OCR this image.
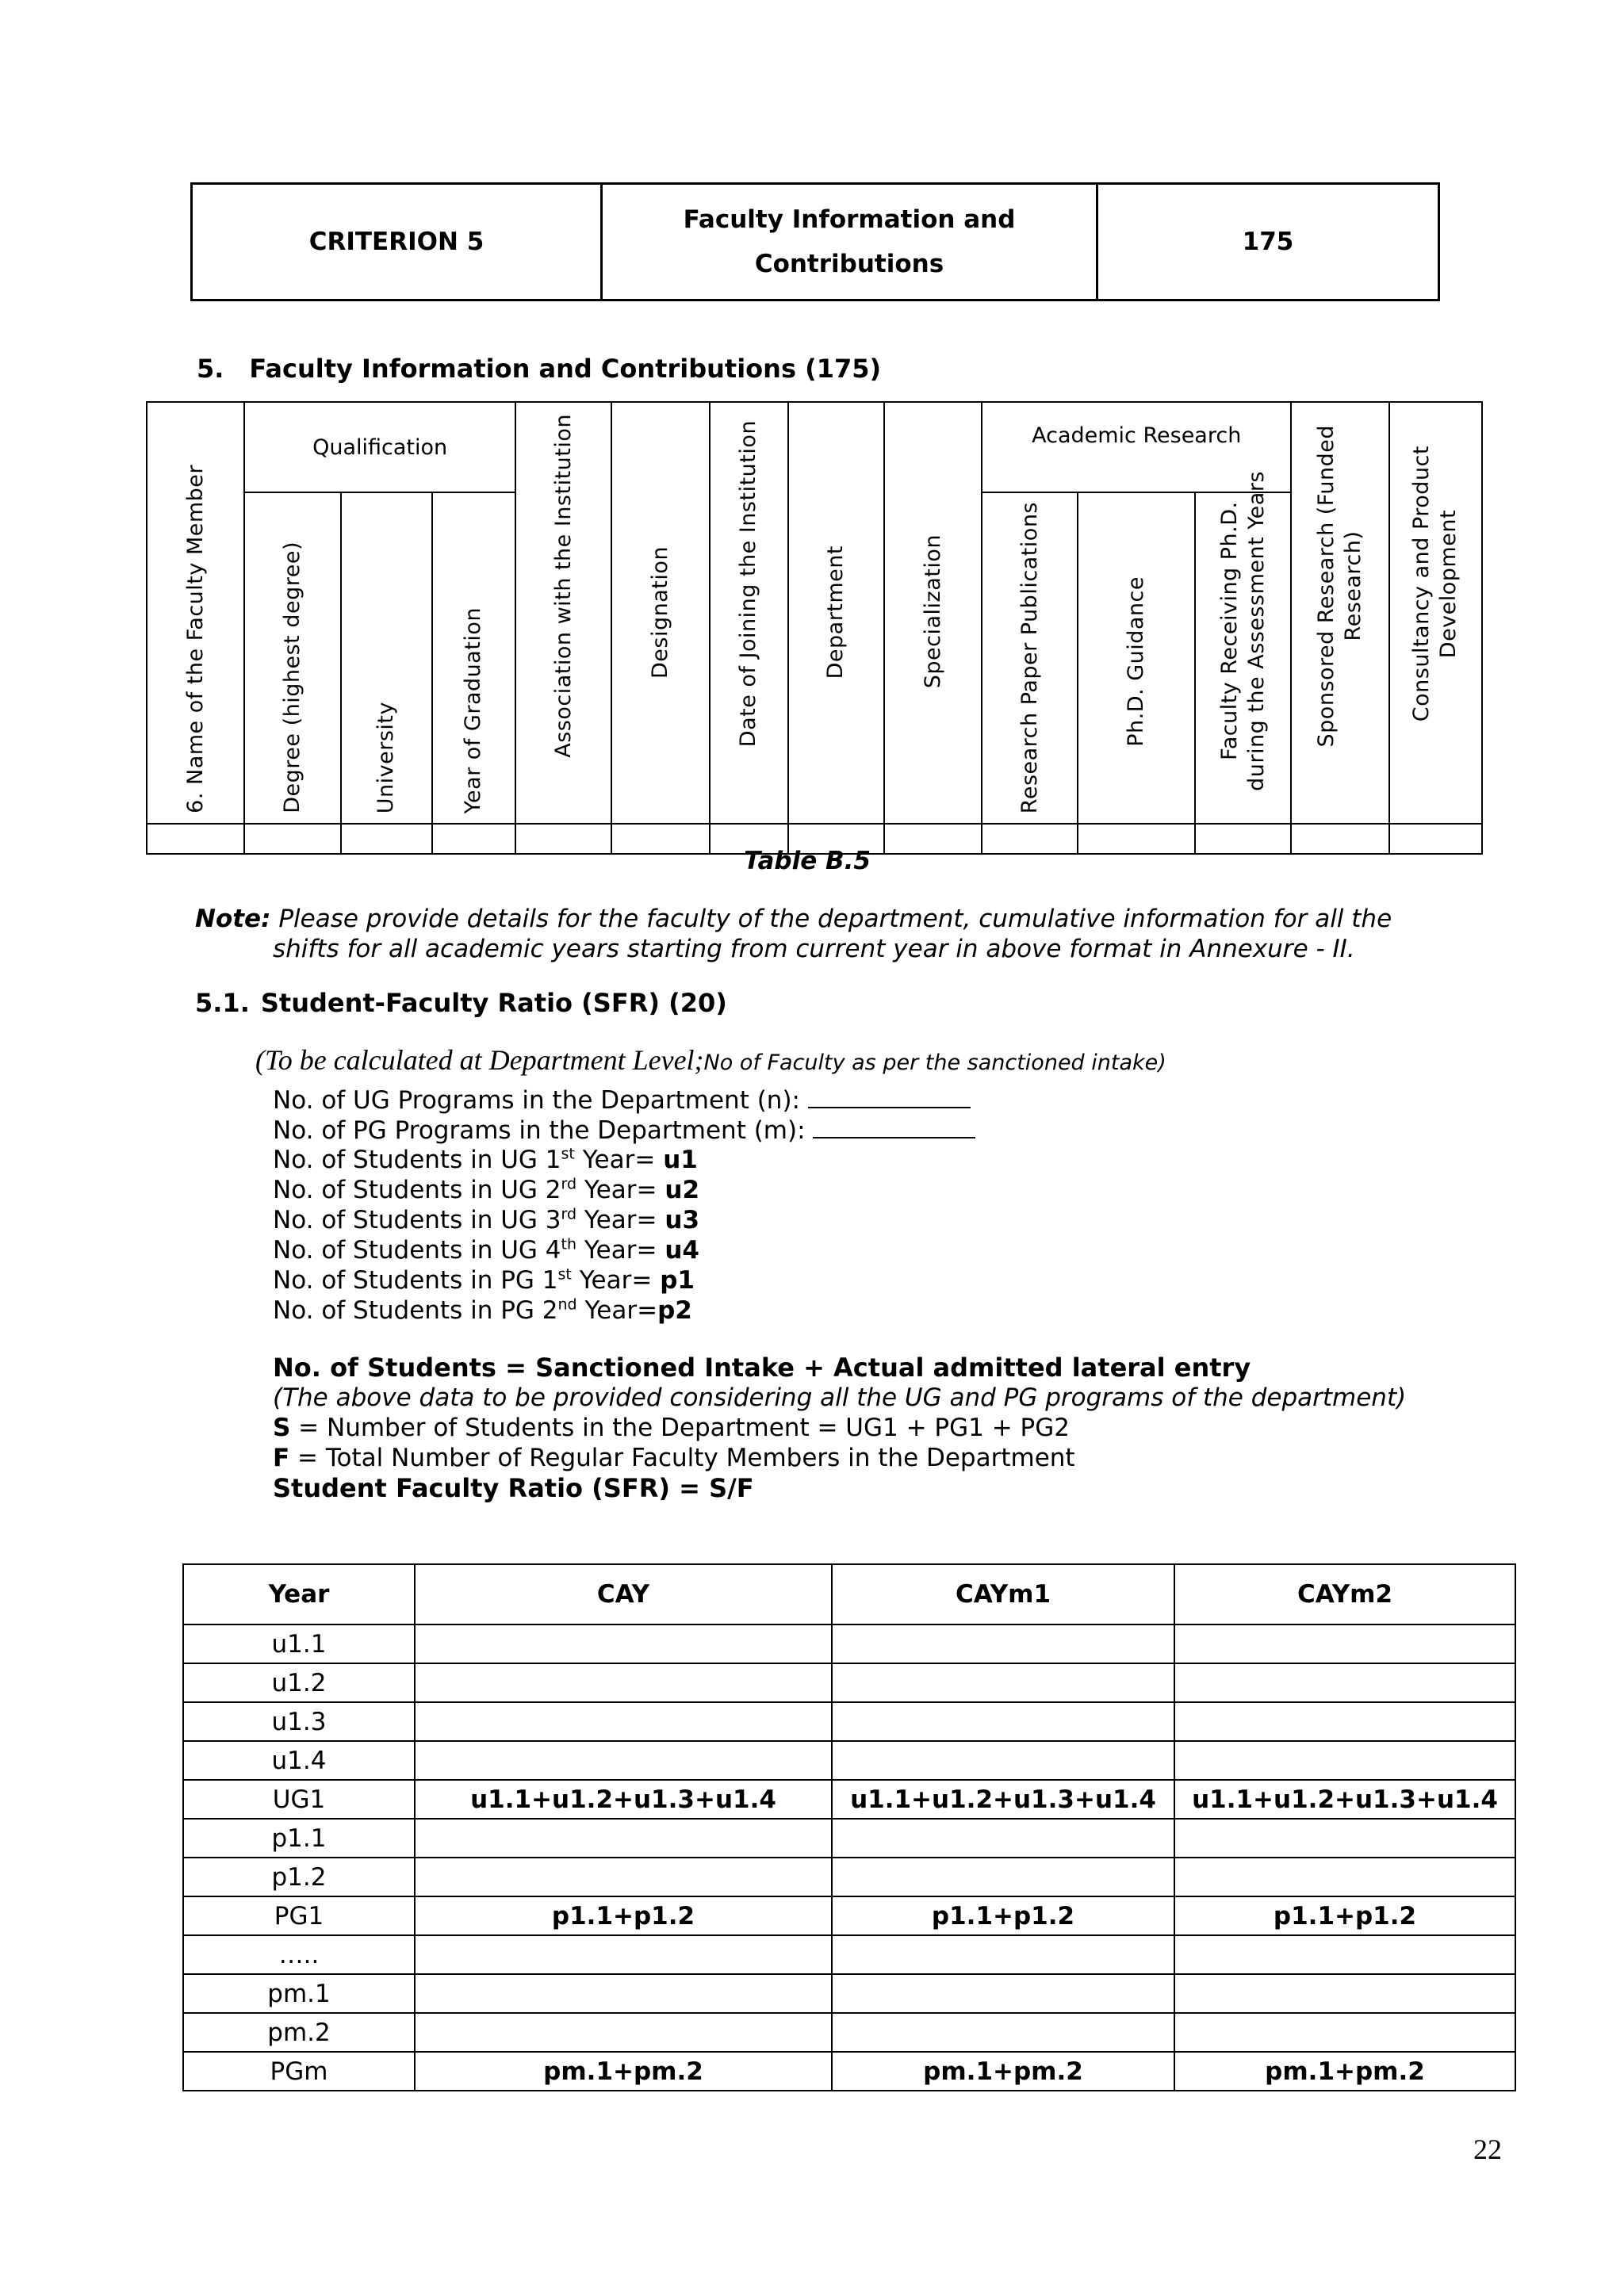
CRITERION 5	
Faculty Information and
Contributions
	175
5. Faculty Information and Contributions (175)
6. Name of the Faculty Member	Qualification			Association with the Institution	Designation	Date of Joining the Institution	Department	Specialization	Academic Research			Sponsored Research (Funded Research)	Consultancy and Product Development

	Degree (highest degree)	University	Year of Graduation						Research Paper Publications	Ph.D. Guidance	Faculty Receiving Ph.D. during the Assessment Years		

Table B.5
Note: Please provide details for the faculty of the department, cumulative information for all the
shifts for all academic years starting from current year in above format in Annexure - II.
5.1. Student-Faculty Ratio (SFR) (20)
(To be calculated at Department Level;No of Faculty as per the sanctioned intake)
No. of UG Programs in the Department (n):
No. of PG Programs in the Department (m):
No. of Students in UG 1st Year= u1
No. of Students in UG 2rd Year= u2
No. of Students in UG 3rd Year= u3
No. of Students in UG 4th Year= u4
No. of Students in PG 1st Year= p1
No. of Students in PG 2nd Year=p2
No. of Students = Sanctioned Intake + Actual admitted lateral entry
(The above data to be provided considering all the UG and PG programs of the department)
S = Number of Students in the Department = UG1 + PG1 + PG2
F = Total Number of Regular Faculty Members in the Department
Student Faculty Ratio (SFR) = S/F
Year	CAY	CAYm1	CAYm2
u1.1			
u1.2			
u1.3			
u1.4			
UG1	u1.1+u1.2+u1.3+u1.4	u1.1+u1.2+u1.3+u1.4	u1.1+u1.2+u1.3+u1.4
p1.1			
p1.2			
PG1	p1.1+p1.2	p1.1+p1.2	p1.1+p1.2
…..			
pm.1			
pm.2			
PGm	pm.1+pm.2	pm.1+pm.2	pm.1+pm.2
22
